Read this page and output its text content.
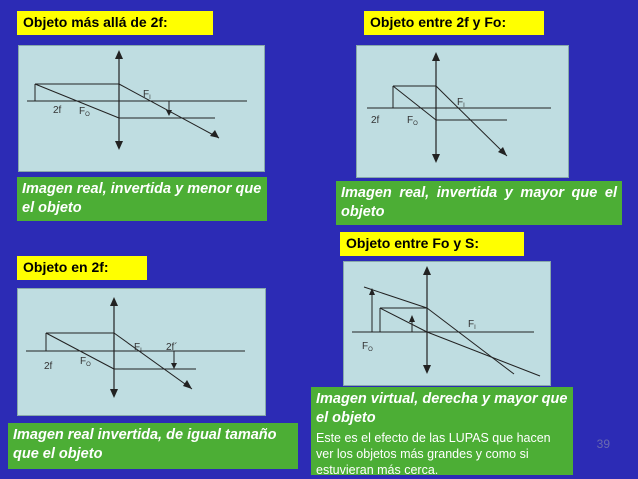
Objeto más allá de 2f:
2f $F_O$
$F_I$
Imagen real, invertida y menor que el objeto
Objeto entre 2f y Fo:
2f	$F_O$
$F_I$
Imagen real, invertida y mayor que el objeto
Objeto en 2f:
2f	$F_O$
$F_I$ 2f´
Imagen real invertida, de igual tamaño que el objeto
Objeto entre Fo y S:
$F_O$
$F_I$
Imagen virtual, derecha y mayor que el objeto
Este es el efecto de las LUPAS que hacen ver los objetos más grandes y como si estuvieran más cerca.
39
